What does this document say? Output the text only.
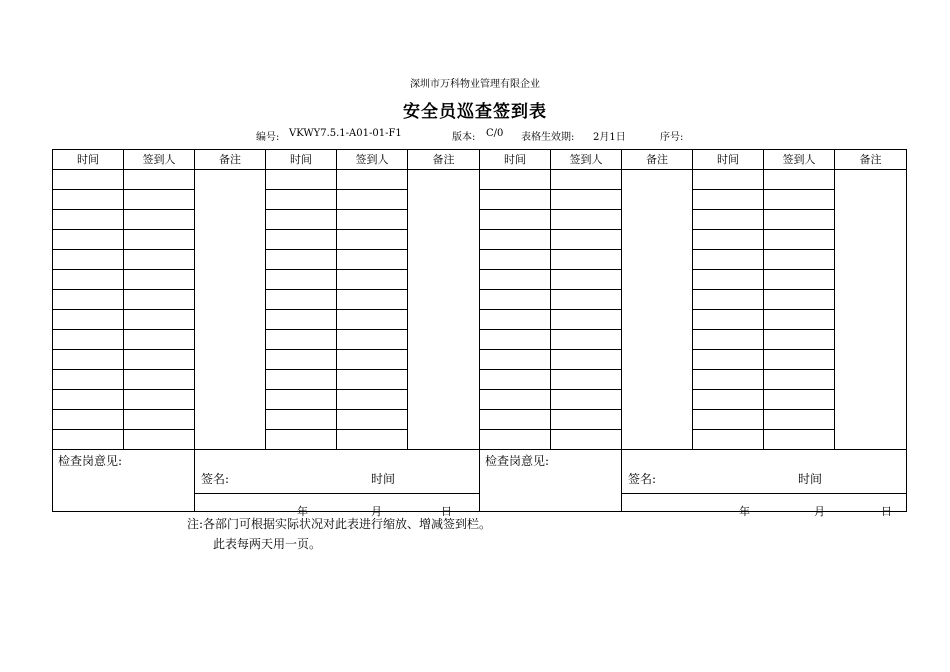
深圳市万科物业管理有限企业
安全员巡查签到表
编号: VKWY7.5.1-A01-01-F1	版本: C/0 表格生效期: 2月1日	序号:
时间	签到人	备注	时间	签到人	备注	时间	签到人	备注	时间	签到人	备注

检查岗意见:		签名: 时间				检查岗意见:		签名: 时间			

		年 月 日						年 月 日			
注:各部门可根据实际状况对此表进行缩放、增减签到栏。
此表每两天用一页。
